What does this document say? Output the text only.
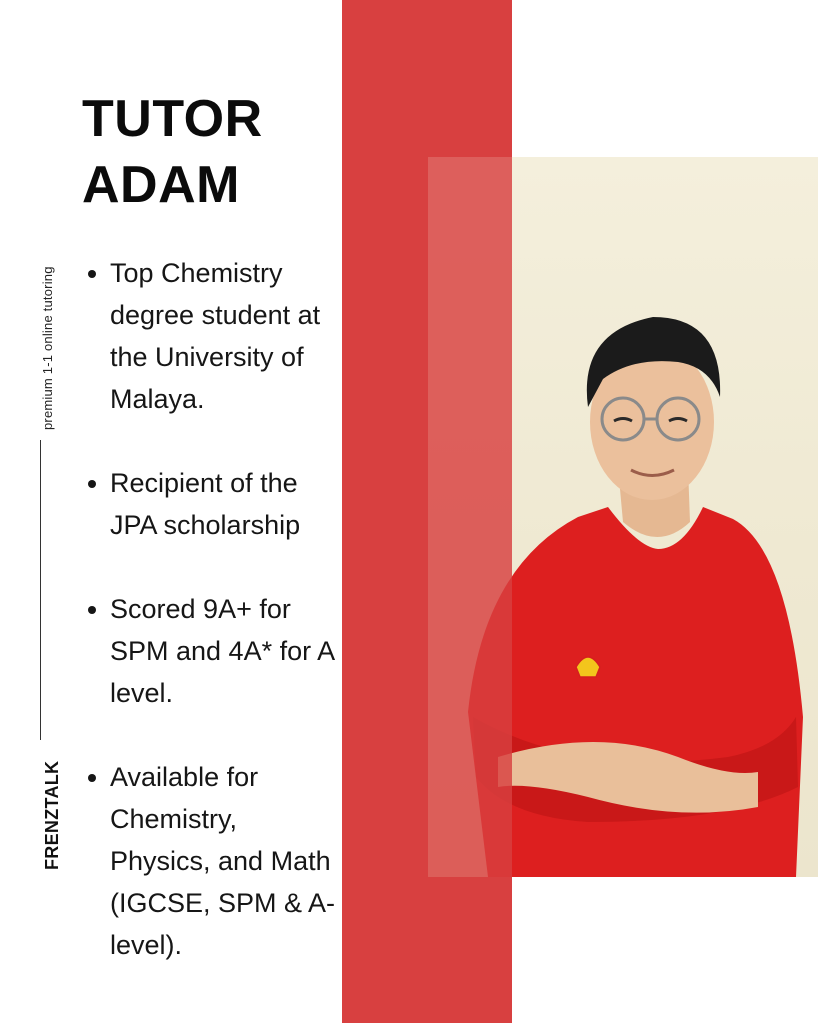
premium 1-1 online tutoring
FRENZTALK
TUTOR
ADAM
Top Chemistry degree student at the University of Malaya.
Recipient of the JPA scholarship
Scored 9A+ for SPM and 4A* for A level.
Available for Chemistry, Physics, and Math (IGCSE, SPM & A-level).
